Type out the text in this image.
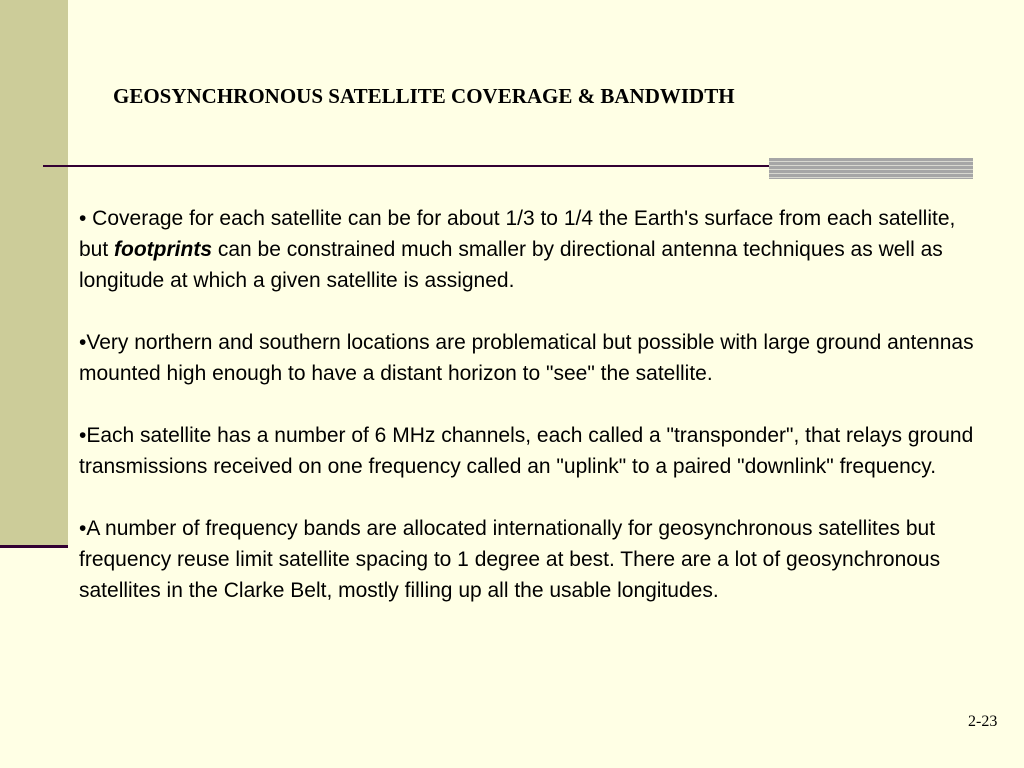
GEOSYNCHRONOUS SATELLITE COVERAGE & BANDWIDTH

• Coverage for each satellite can be for about 1/3 to 1/4 the Earth's surface from each satellite, but footprints can be constrained much smaller by directional antenna techniques as well as longitude at which a given satellite is assigned.

•Very northern and southern locations are problematical but possible with large ground antennas mounted high enough to have a distant horizon to "see" the satellite.

•Each satellite has a number of 6 MHz channels, each called a "transponder", that relays ground transmissions received on one frequency called an "uplink" to a paired "downlink" frequency.

•A number of frequency bands are allocated internationally for geosynchronous satellites but frequency reuse limit satellite spacing to 1 degree at best. There are a lot of geosynchronous satellites in the Clarke Belt, mostly filling up all the usable longitudes.

2-23
